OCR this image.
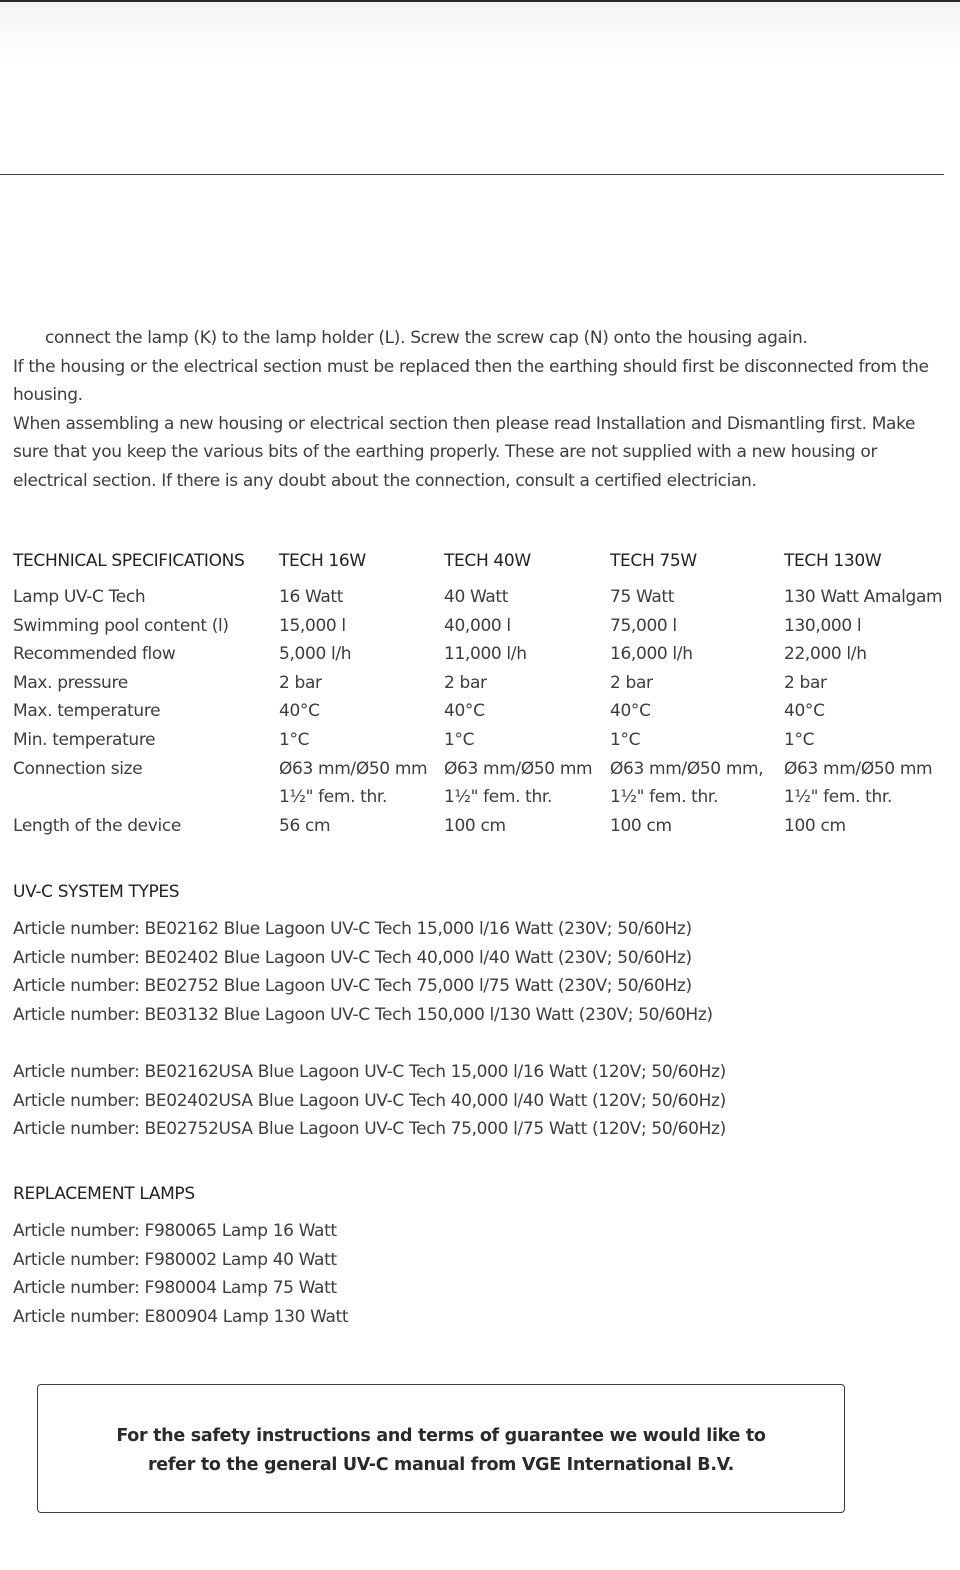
connect the lamp (K) to the lamp holder (L). Screw the screw cap (N) onto the housing again.

If the housing or the electrical section must be replaced then the earthing should first be disconnected from the housing.

When assembling a new housing or electrical section then please read Installation and Dismantling first. Make sure that you keep the various bits of the earthing properly. These are not supplied with a new housing or electrical section. If there is any doubt about the connection, consult a certified electrician.

TECHNICAL SPECIFICATIONS	TECH 16W	TECH 40W	TECH 75W	TECH 130W
Lamp UV-C Tech	16 Watt	40 Watt	75 Watt	130 Watt Amalgam
Swimming pool content (l)	15,000 l	40,000 l	75,000 l	130,000 l
Recommended flow	5,000 l/h	11,000 l/h	16,000 l/h	22,000 l/h
Max. pressure	2 bar	2 bar	2 bar	2 bar
Max. temperature	40°C	40°C	40°C	40°C
Min. temperature	1°C	1°C	1°C	1°C
Connection size	Ø63 mm/Ø50 mm	Ø63 mm/Ø50 mm	Ø63 mm/Ø50 mm,	Ø63 mm/Ø50 mm
	1½" fem. thr.	1½" fem. thr.	1½" fem. thr.	1½" fem. thr.
Length of the device	56 cm	100 cm	100 cm	100 cm
UV-C SYSTEM TYPES
Article number: BE02162 Blue Lagoon UV-C Tech 15,000 l/16 Watt (230V; 50/60Hz)
Article number: BE02402 Blue Lagoon UV-C Tech 40,000 l/40 Watt (230V; 50/60Hz)
Article number: BE02752 Blue Lagoon UV-C Tech 75,000 l/75 Watt (230V; 50/60Hz)
Article number: BE03132 Blue Lagoon UV-C Tech 150,000 l/130 Watt (230V; 50/60Hz)
Article number: BE02162USA Blue Lagoon UV-C Tech 15,000 l/16 Watt (120V; 50/60Hz)
Article number: BE02402USA Blue Lagoon UV-C Tech 40,000 l/40 Watt (120V; 50/60Hz)
Article number: BE02752USA Blue Lagoon UV-C Tech 75,000 l/75 Watt (120V; 50/60Hz)
REPLACEMENT LAMPS
Article number: F980065 Lamp 16 Watt
Article number: F980002 Lamp 40 Watt
Article number: F980004 Lamp 75 Watt
Article number: E800904 Lamp 130 Watt
For the safety instructions and terms of guarantee we would like to
refer to the general UV-C manual from VGE International B.V.
